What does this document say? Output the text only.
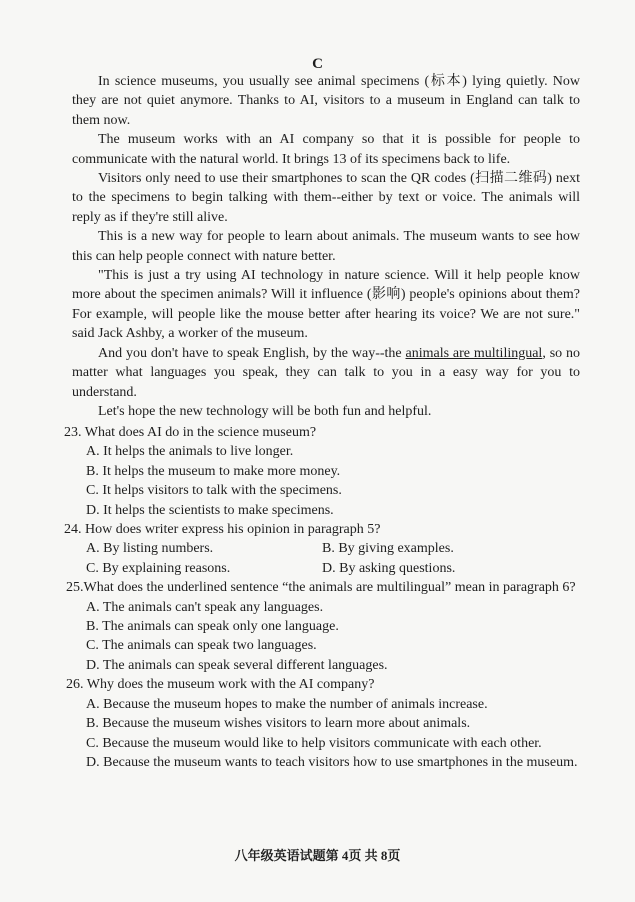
C

In science museums, you usually see animal specimens (标本) lying quietly. Now they are not quiet anymore. Thanks to AI, visitors to a museum in England can talk to them now.

The museum works with an AI company so that it is possible for people to communicate with the natural world. It brings 13 of its specimens back to life.

Visitors only need to use their smartphones to scan the QR codes (扫描二维码) next to the specimens to begin talking with them--either by text or voice. The animals will reply as if they're still alive.

This is a new way for people to learn about animals. The museum wants to see how this can help people connect with nature better.

"This is just a try using AI technology in nature science. Will it help people know more about the specimen animals? Will it influence (影响) people's opinions about them? For example, will people like the mouse better after hearing its voice? We are not sure." said Jack Ashby, a worker of the museum.

And you don't have to speak English, by the way--the animals are multilingual, so no matter what languages you speak, they can talk to you in a easy way for you to understand.

Let's hope the new technology will be both fun and helpful.

23. What does AI do in the science museum?

A. It helps the animals to live longer.

B. It helps the museum to make more money.

C. It helps visitors to talk with the specimens.

D. It helps the scientists to make specimens.

24. How does writer express his opinion in paragraph 5?

A. By listing numbers.	B. By giving examples.
C. By explaining reasons.	D. By asking questions.

25.What does the underlined sentence “the animals are multilingual” mean in paragraph 6?

A. The animals can't speak any languages.

B. The animals can speak only one language.

C. The animals can speak two languages.

D. The animals can speak several different languages.

26. Why does the museum work with the AI company?

A. Because the museum hopes to make the number of animals increase.

B. Because the museum wishes visitors to learn more about animals.

C. Because the museum would like to help visitors communicate with each other.

D. Because the museum wants to teach visitors how to use smartphones in the museum.

八年级英语试题第 4页 共 8页
